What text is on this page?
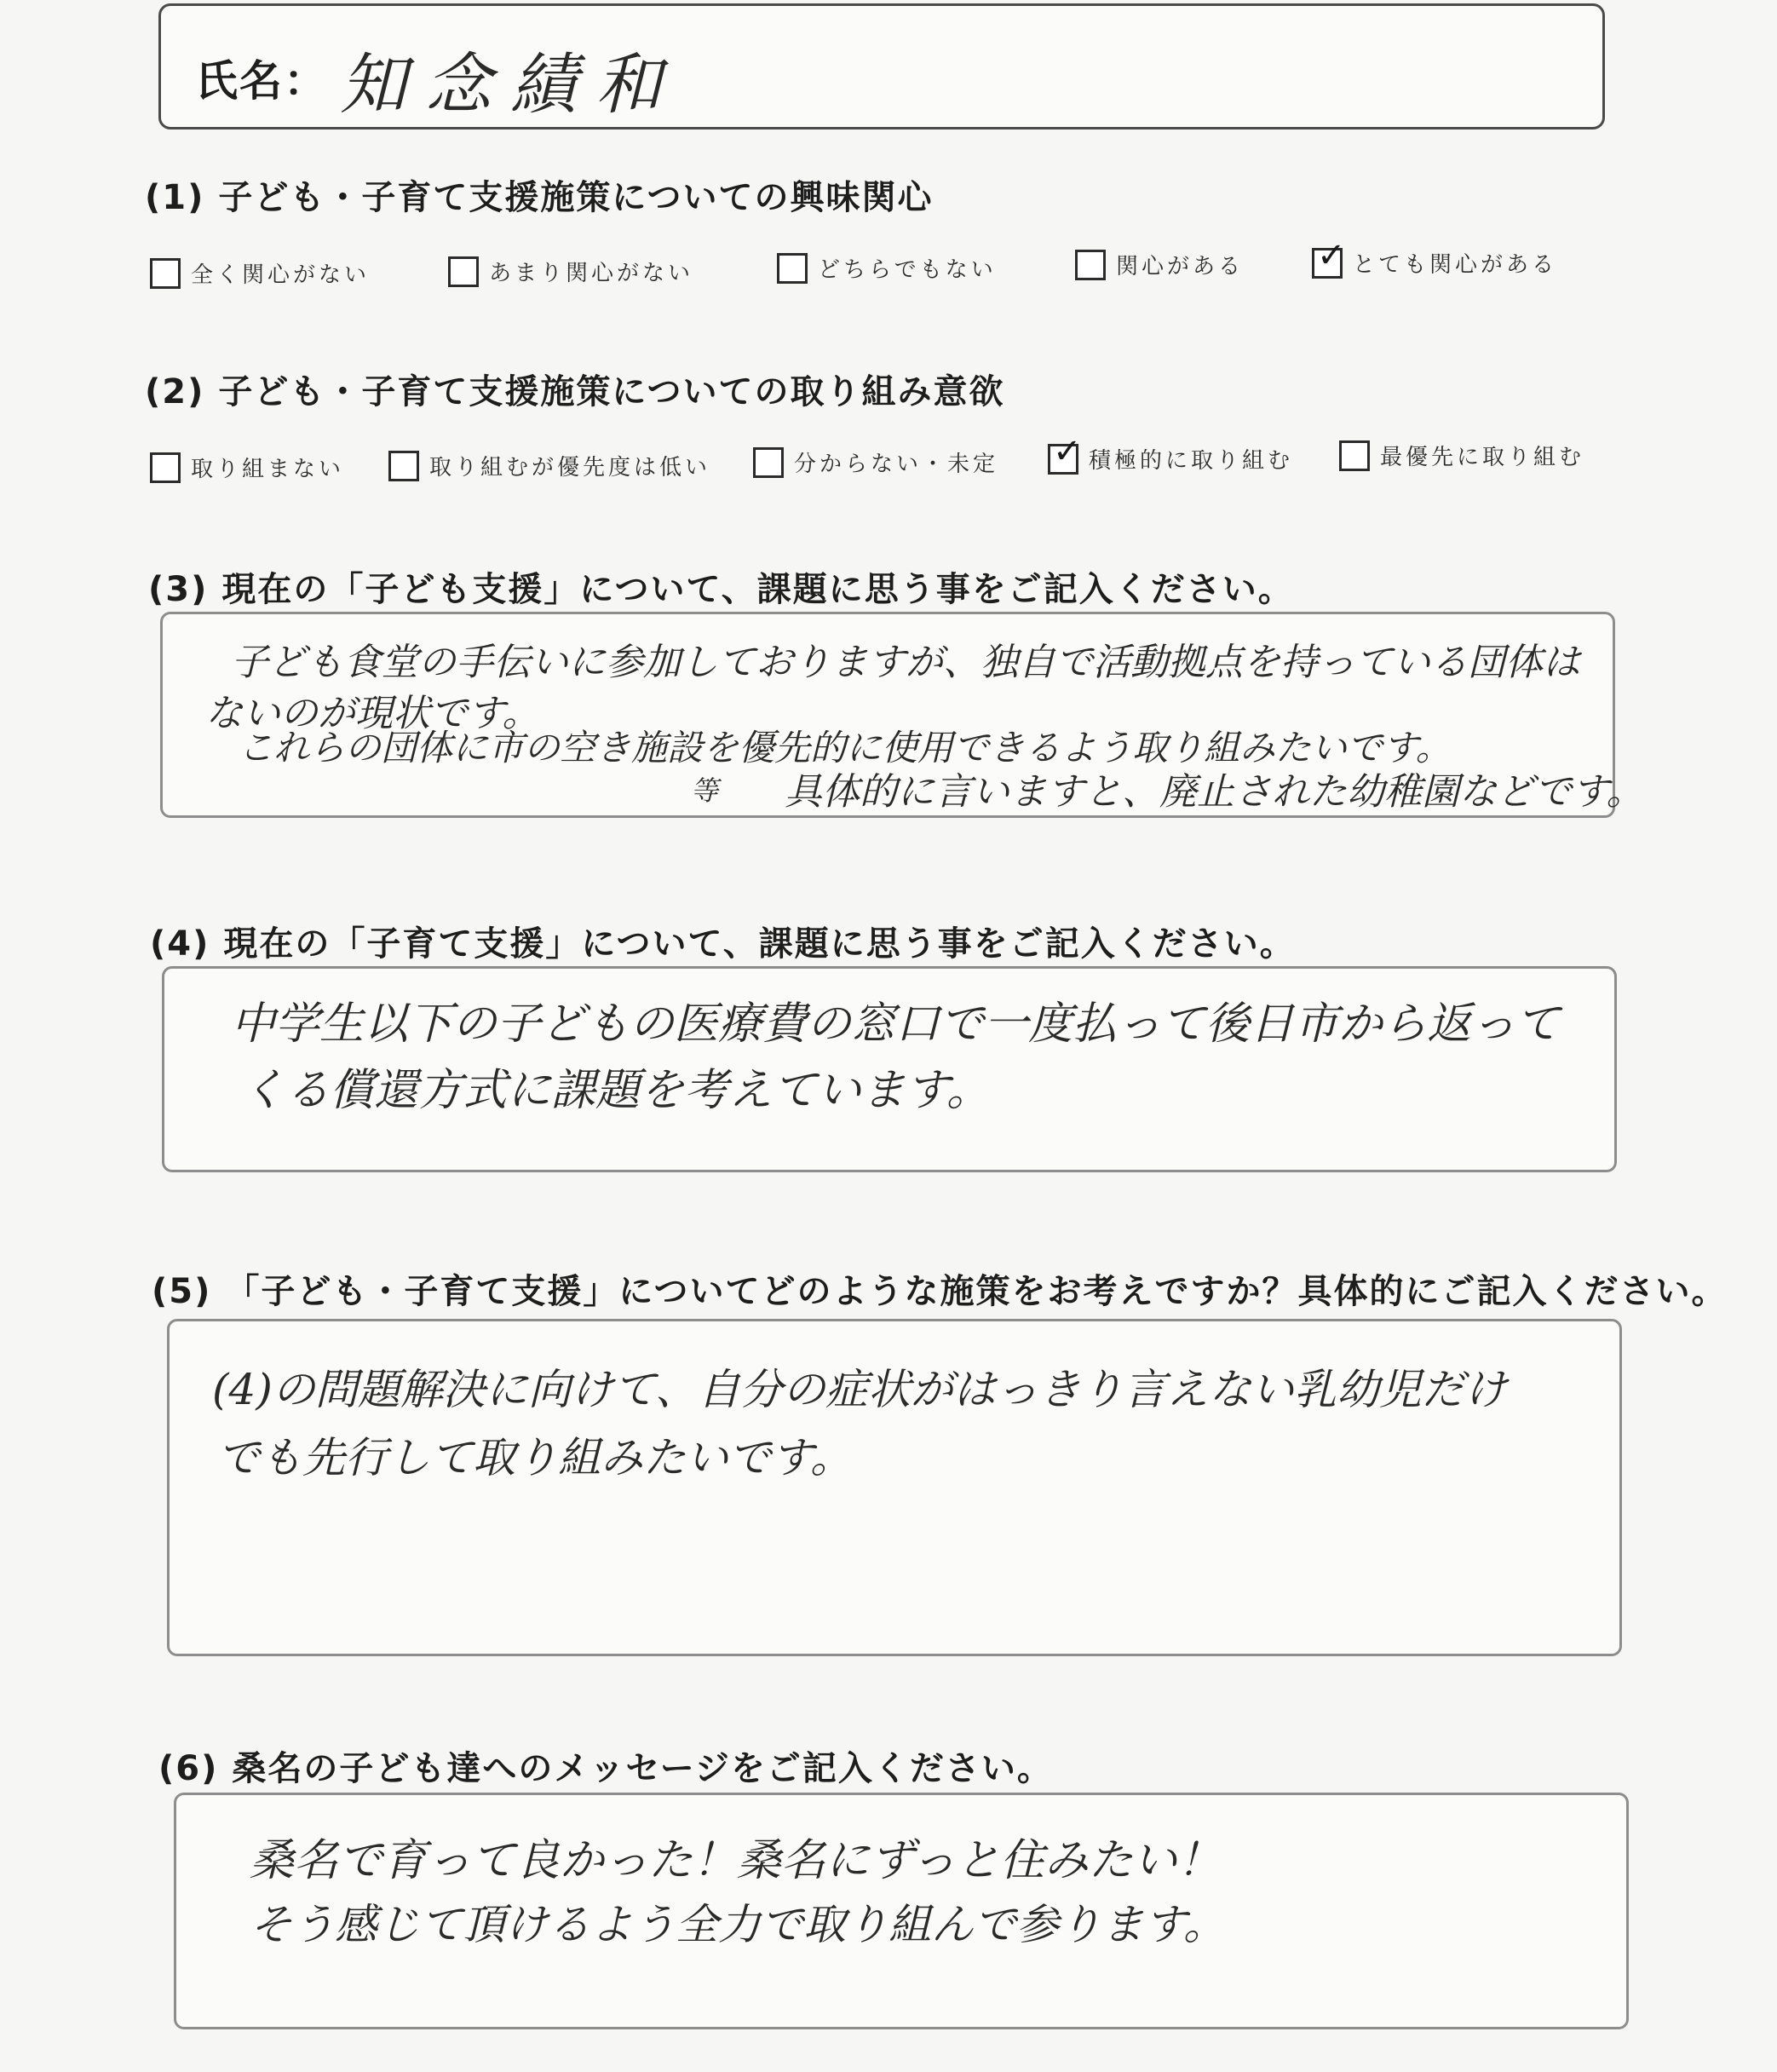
氏名： 知念績和
(1) 子ども・子育て支援施策についての興味関心
全く関心がない	あまり関心がない	どちらでもない	関心がある ✓ とても関心がある
(2) 子ども・子育て支援施策についての取り組み意欲
取り組まない	取り組むが優先度は低い	分からない・未定 ✓ 積極的に取り組む	最優先に取り組む
(3) 現在の「子ども支援」について、課題に思う事をご記入ください。
子ども食堂の手伝いに参加しておりますが、独自で活動拠点を持っている団体は
ないのが現状です。
これらの団体に市の空き施設を優先的に使用できるよう取り組みたいです。
等 具体的に言いますと、廃止された幼稚園などです。
(4) 現在の「子育て支援」について、課題に思う事をご記入ください。
中学生以下の子どもの医療費の窓口で一度払って後日市から返って
くる償還方式に課題を考えています。
(5) 「子ども・子育て支援」についてどのような施策をお考えですか？具体的にご記入ください。
(4)の問題解決に向けて、自分の症状がはっきり言えない乳幼児だけ
でも先行して取り組みたいです。
(6) 桑名の子ども達へのメッセージをご記入ください。
桑名で育って良かった！桑名にずっと住みたい！
そう感じて頂けるよう全力で取り組んで参ります。
